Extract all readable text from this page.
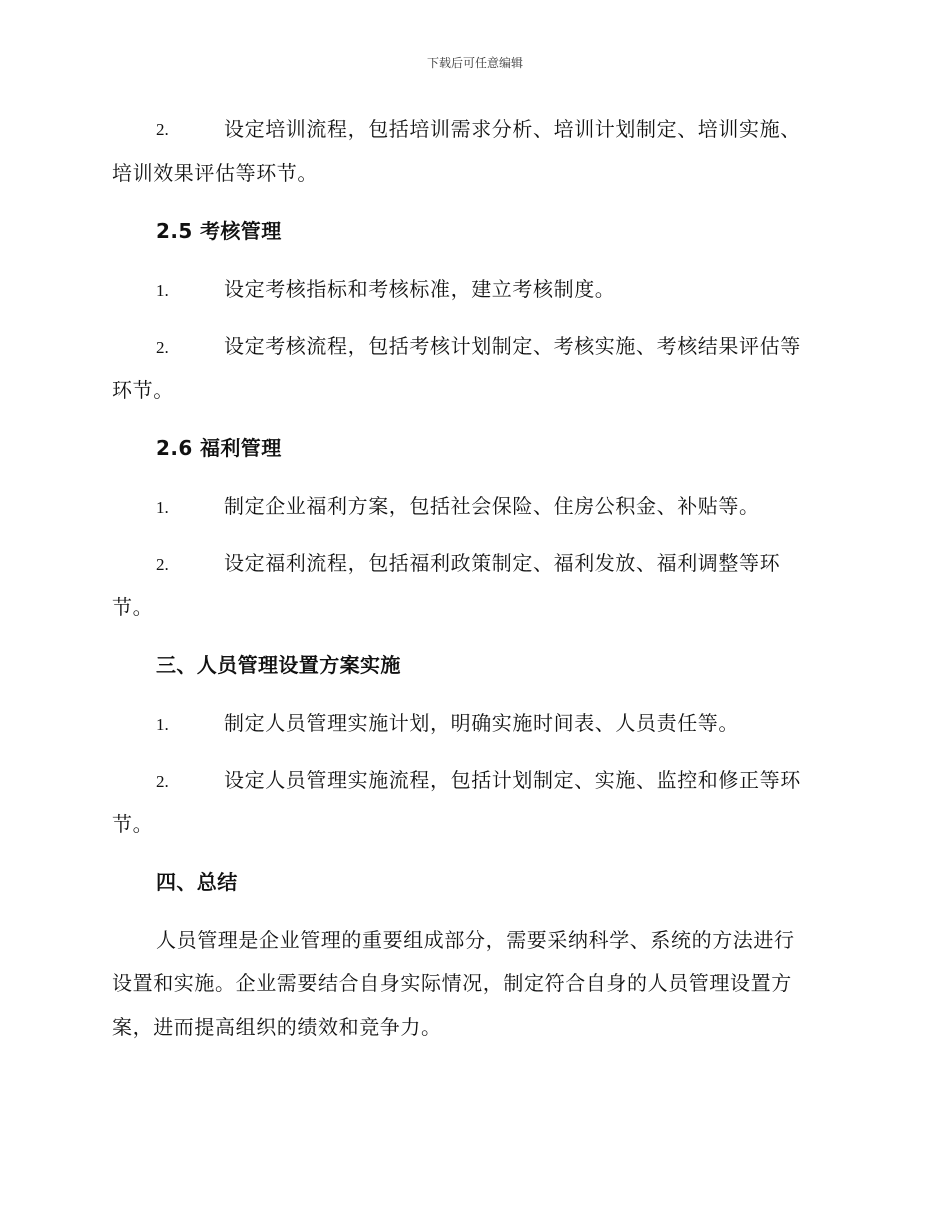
下载后可任意编辑
2.	设定培训流程，包括培训需求分析、培训计划制定、培训实施、
培训效果评估等环节。
2.5 考核管理
1.	设定考核指标和考核标准，建立考核制度。
2.	设定考核流程，包括考核计划制定、考核实施、考核结果评估等
环节。
2.6 福利管理
1.	制定企业福利方案，包括社会保险、住房公积金、补贴等。
2.	设定福利流程，包括福利政策制定、福利发放、福利调整等环
节。
三、人员管理设置方案实施
1.	制定人员管理实施计划，明确实施时间表、人员责任等。
2.	设定人员管理实施流程，包括计划制定、实施、监控和修正等环
节。
四、总结
人员管理是企业管理的重要组成部分，需要采纳科学、系统的方法进行
设置和实施。企业需要结合自身实际情况，制定符合自身的人员管理设置方
案，进而提高组织的绩效和竞争力。
